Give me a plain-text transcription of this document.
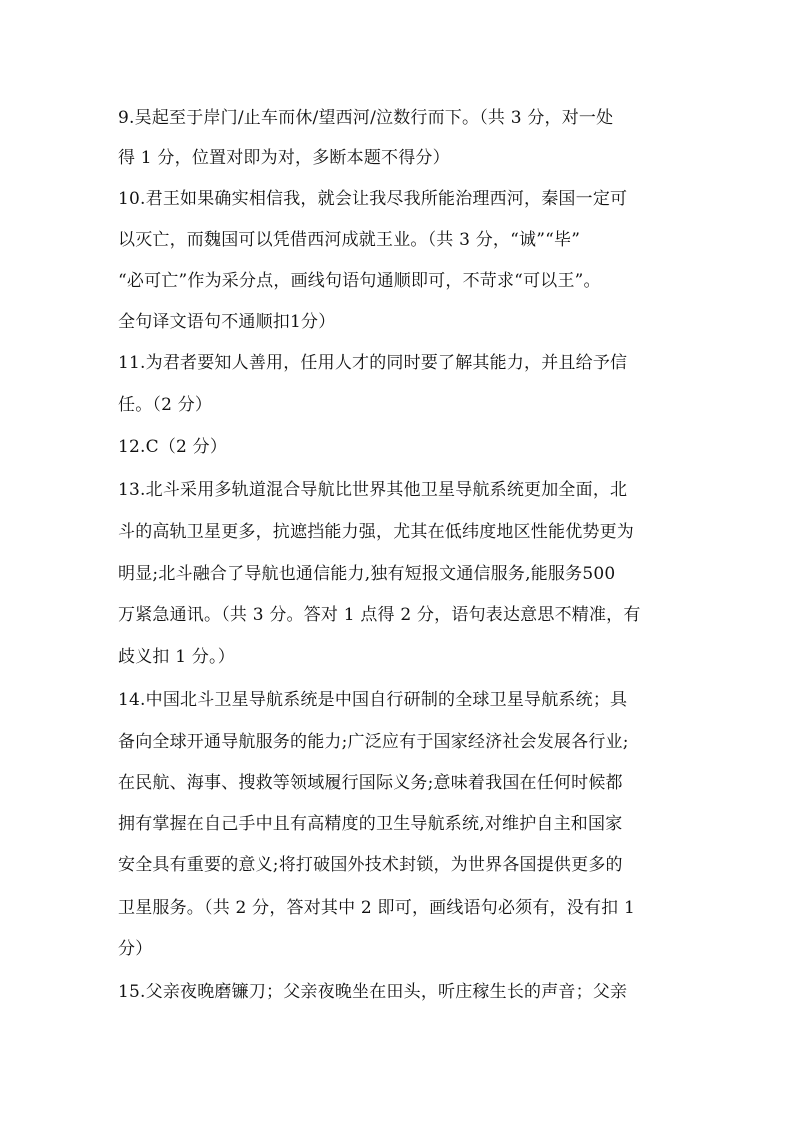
9.吴起至于岸门/止车而休/望西河/泣数行而下。（共 3 分，对一处
得 1 分，位置对即为对，多断本题不得分）
10.君王如果确实相信我，就会让我尽我所能治理西河，秦国一定可
以灭亡，而魏国可以凭借西河成就王业。（共 3 分，“诚”“毕”
“必可亡”作为采分点，画线句语句通顺即可，不苛求“可以王”。
全句译文语句不通顺扣1分）
11.为君者要知人善用，任用人才的同时要了解其能力，并且给予信
任。（2 分）
12.C（2 分）
13.北斗采用多轨道混合导航比世界其他卫星导航系统更加全面，北
斗的高轨卫星更多，抗遮挡能力强，尤其在低纬度地区性能优势更为
明显;北斗融合了导航也通信能力,独有短报文通信服务,能服务500
万紧急通讯。（共 3 分。答对 1 点得 2 分，语句表达意思不精准，有
歧义扣 1 分。）
14.中国北斗卫星导航系统是中国自行研制的全球卫星导航系统；具
备向全球开通导航服务的能力;广泛应有于国家经济社会发展各行业;
在民航、海事、搜救等领域履行国际义务;意味着我国在任何时候都
拥有掌握在自己手中且有高精度的卫生导航系统,对维护自主和国家
安全具有重要的意义;将打破国外技术封锁，为世界各国提供更多的
卫星服务。（共 2 分，答对其中 2 即可，画线语句必须有，没有扣 1
分）
15.父亲夜晚磨镰刀；父亲夜晚坐在田头，听庄稼生长的声音；父亲
